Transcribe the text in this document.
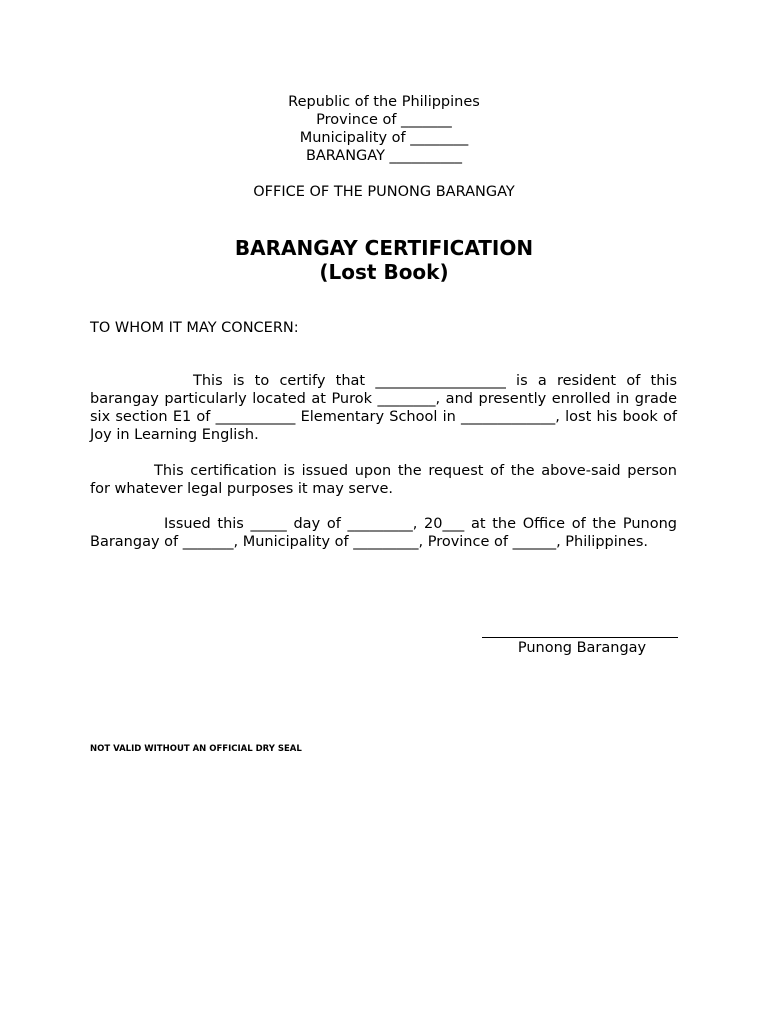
Republic of the Philippines
Province of _______
Municipality of ________
BARANGAY __________
OFFICE OF THE PUNONG BARANGAY
BARANGAY CERTIFICATION
(Lost Book)
TO WHOM IT MAY CONCERN:
This is to certify that __________________ is a resident of this barangay particularly located at Purok ________, and presently enrolled in grade six section E1 of ___________ Elementary School in _____________, lost his book of Joy in Learning English.
This certification is issued upon the request of the above-said person for whatever legal purposes it may serve.
Issued this _____ day of _________, 20___ at the Office of the Punong Barangay of _______, Municipality of _________, Province of ______, Philippines.
Punong Barangay
NOT VALID WITHOUT AN OFFICIAL DRY SEAL
